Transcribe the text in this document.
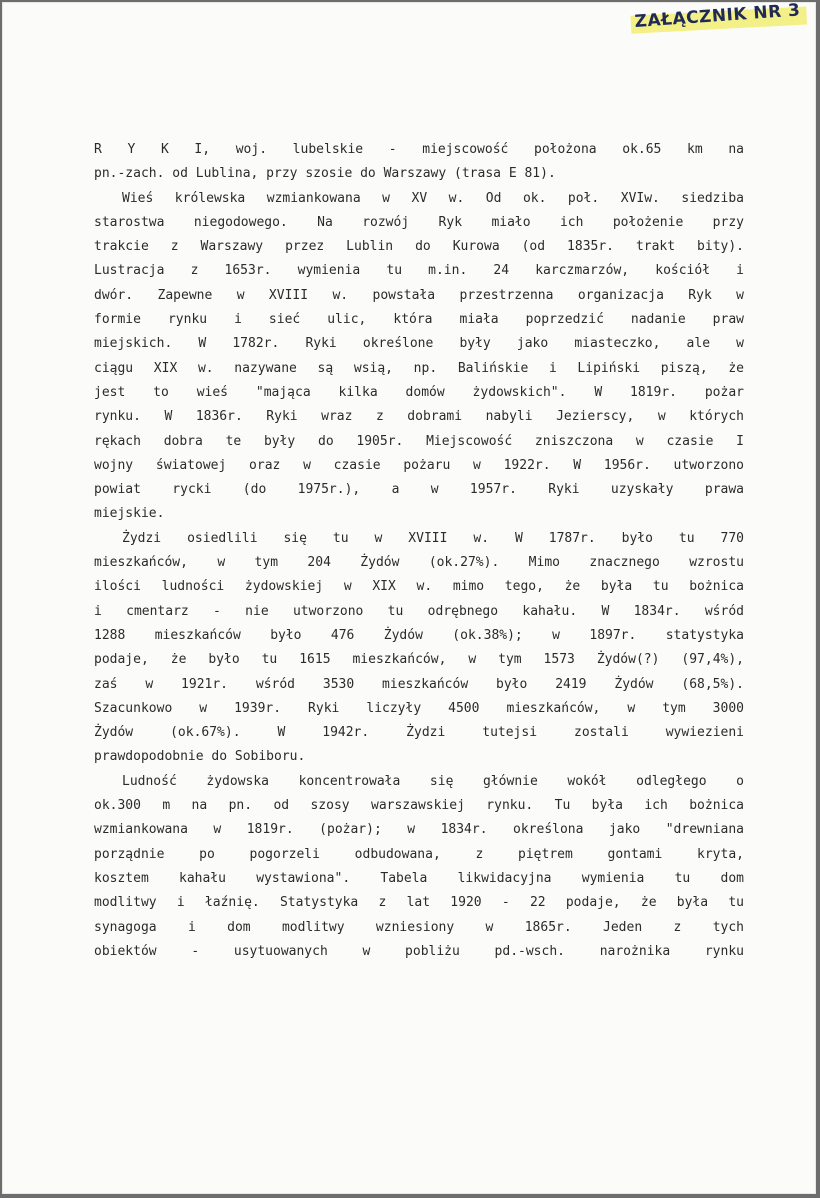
ZAŁĄCZNIK NR 3
R Y K I, woj. lubelskie - miejscowość położona ok.65 km na
pn.-zach. od Lublina, przy szosie do Warszawy (trasa E 81).
Wieś królewska wzmiankowana w XV w. Od ok. poł. XVIw. siedziba
starostwa niegodowego. Na rozwój Ryk miało ich położenie przy
trakcie z Warszawy przez Lublin do Kurowa (od 1835r. trakt bity).
Lustracja z 1653r. wymienia tu m.in. 24 karczmarzów, kościół i
dwór. Zapewne w XVIII w. powstała przestrzenna organizacja Ryk w
formie rynku i sieć ulic, która miała poprzedzić nadanie praw
miejskich. W 1782r. Ryki określone były jako miasteczko, ale w
ciągu XIX w. nazywane są wsią, np. Balińskie i Lipiński piszą, że
jest to wieś "mająca kilka domów żydowskich". W 1819r. pożar
rynku. W 1836r. Ryki wraz z dobrami nabyli Jezierscy, w których
rękach dobra te były do 1905r. Miejscowość zniszczona w czasie I
wojny światowej oraz w czasie pożaru w 1922r. W 1956r. utworzono
powiat rycki (do 1975r.), a w 1957r. Ryki uzyskały prawa
miejskie.
Żydzi osiedlili się tu w XVIII w. W 1787r. było tu 770
mieszkańców, w tym 204 Żydów (ok.27%). Mimo znacznego wzrostu
ilości ludności żydowskiej w XIX w. mimo tego, że była tu bożnica
i cmentarz - nie utworzono tu odrębnego kahału. W 1834r. wśród
1288 mieszkańców było 476 Żydów (ok.38%); w 1897r. statystyka
podaje, że było tu 1615 mieszkańców, w tym 1573 Żydów(?) (97,4%),
zaś w 1921r. wśród 3530 mieszkańców było 2419 Żydów (68,5%).
Szacunkowo w 1939r. Ryki liczyły 4500 mieszkańców, w tym 3000
Żydów (ok.67%). W 1942r. Żydzi tutejsi zostali wywiezieni
prawdopodobnie do Sobiboru.
Ludność żydowska koncentrowała się głównie wokół odległego o
ok.300 m na pn. od szosy warszawskiej rynku. Tu była ich bożnica
wzmiankowana w 1819r. (pożar); w 1834r. określona jako "drewniana
porządnie po pogorzeli odbudowana, z piętrem gontami kryta,
kosztem kahału wystawiona". Tabela likwidacyjna wymienia tu dom
modlitwy i łaźnię. Statystyka z lat 1920 - 22 podaje, że była tu
synagoga i dom modlitwy wzniesiony w 1865r. Jeden z tych
obiektów - usytuowanych w pobliżu pd.-wsch. narożnika rynku
